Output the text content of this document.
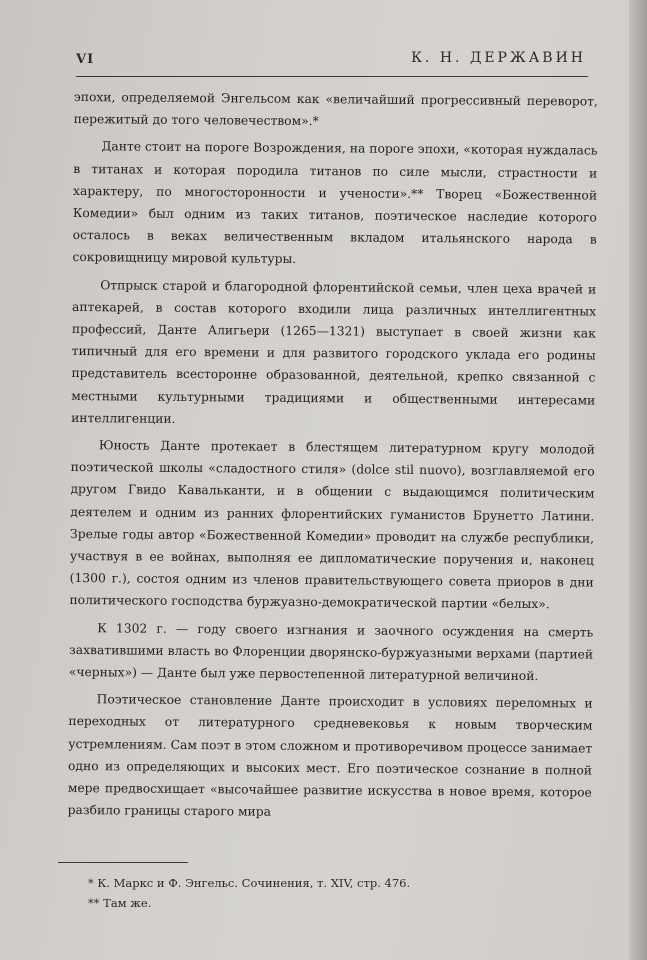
VI	К. Н. ДЕРЖАВИН

эпохи, определяемой Энгельсом как «величайший прогрессивный переворот, пережитый до того человечеством».*

Данте стоит на пороге Возрождения, на пороге эпохи, «которая нуждалась в титанах и которая породила титанов по силе мысли, страстности и характеру, по многосторонности и учености».** Творец «Божественной Комедии» был одним из таких титанов, поэтическое наследие которого осталось в веках величественным вкладом итальянского народа в сокровищницу мировой культуры.

Отпрыск старой и благородной флорентийской семьи, член цеха врачей и аптекарей, в состав которого входили лица различных интеллигентных профессий, Данте Алигьери (1265—1321) выступает в своей жизни как типичный для его времени и для развитого городского уклада его родины представитель всесторонне образованной, деятельной, крепко связанной с местными культурными традициями и общественными интересами интеллигенции.

Юность Данте протекает в блестящем литературном кругу молодой поэтической школы «сладостного стиля» (dolce stil nuovo), возглавляемой его другом Гвидо Кавальканти, и в общении с выдающимся политическим деятелем и одним из ранних флорентийских гуманистов Брунетто Латини. Зрелые годы автор «Божественной Комедии» проводит на службе республики, участвуя в ее войнах, выполняя ее дипломатические поручения и, наконец (1300 г.), состоя одним из членов правительствующего совета приоров в дни политического господства буржуазно-демократической партии «белых».

К 1302 г. — году своего изгнания и заочного осуждения на смерть захватившими власть во Флоренции дворянско-буржуазными верхами (партией «черных») — Данте был уже первостепенной литературной величиной.

Поэтическое становление Данте происходит в условиях переломных и переходных от литературного средневековья к новым творческим устремлениям. Сам поэт в этом сложном и противоречивом процессе занимает одно из определяющих и высоких мест. Его поэтическое сознание в полной мере предвосхищает «высочайшее развитие искусства в новое время, которое разбило границы старого мира

* К. Маркс и Ф. Энгельс. Сочинения, т. XIV, стр. 476.
** Там же.
